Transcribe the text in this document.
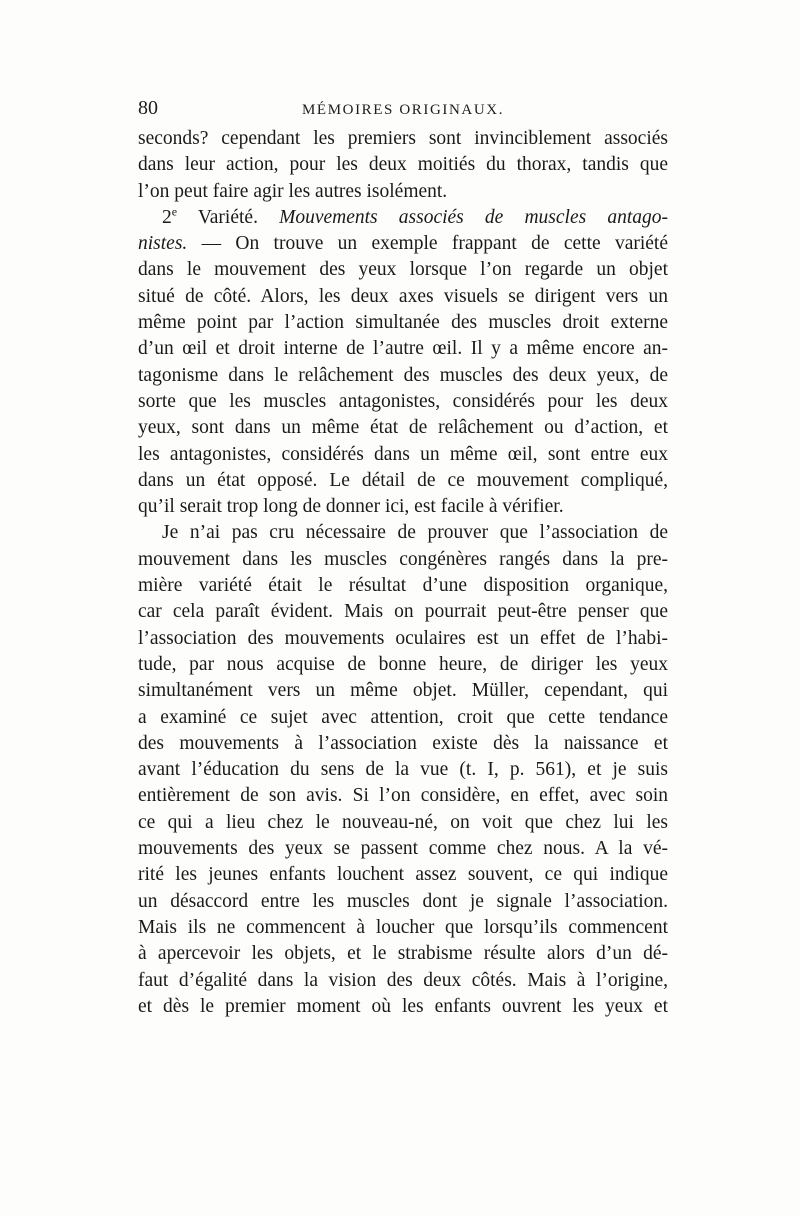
80	MÉMOIRES ORIGINAUX.
seconds? cependant les premiers sont invinciblement associés
dans leur action, pour les deux moitiés du thorax, tandis que
l’on peut faire agir les autres isolément.
2e Variété. Mouvements associés de muscles antago-
nistes. — On trouve un exemple frappant de cette variété
dans le mouvement des yeux lorsque l’on regarde un objet
situé de côté. Alors, les deux axes visuels se dirigent vers un
même point par l’action simultanée des muscles droit externe
d’un œil et droit interne de l’autre œil. Il y a même encore an-
tagonisme dans le relâchement des muscles des deux yeux, de
sorte que les muscles antagonistes, considérés pour les deux
yeux, sont dans un même état de relâchement ou d’action, et
les antagonistes, considérés dans un même œil, sont entre eux
dans un état opposé. Le détail de ce mouvement compliqué,
qu’il serait trop long de donner ici, est facile à vérifier.
Je n’ai pas cru nécessaire de prouver que l’association de
mouvement dans les muscles congénères rangés dans la pre-
mière variété était le résultat d’une disposition organique,
car cela paraît évident. Mais on pourrait peut-être penser que
l’association des mouvements oculaires est un effet de l’habi-
tude, par nous acquise de bonne heure, de diriger les yeux
simultanément vers un même objet. Müller, cependant, qui
a examiné ce sujet avec attention, croit que cette tendance
des mouvements à l’association existe dès la naissance et
avant l’éducation du sens de la vue (t. I, p. 561), et je suis
entièrement de son avis. Si l’on considère, en effet, avec soin
ce qui a lieu chez le nouveau-né, on voit que chez lui les
mouvements des yeux se passent comme chez nous. A la vé-
rité les jeunes enfants louchent assez souvent, ce qui indique
un désaccord entre les muscles dont je signale l’association.
Mais ils ne commencent à loucher que lorsqu’ils commencent
à apercevoir les objets, et le strabisme résulte alors d’un dé-
faut d’égalité dans la vision des deux côtés. Mais à l’origine,
et dès le premier moment où les enfants ouvrent les yeux et
